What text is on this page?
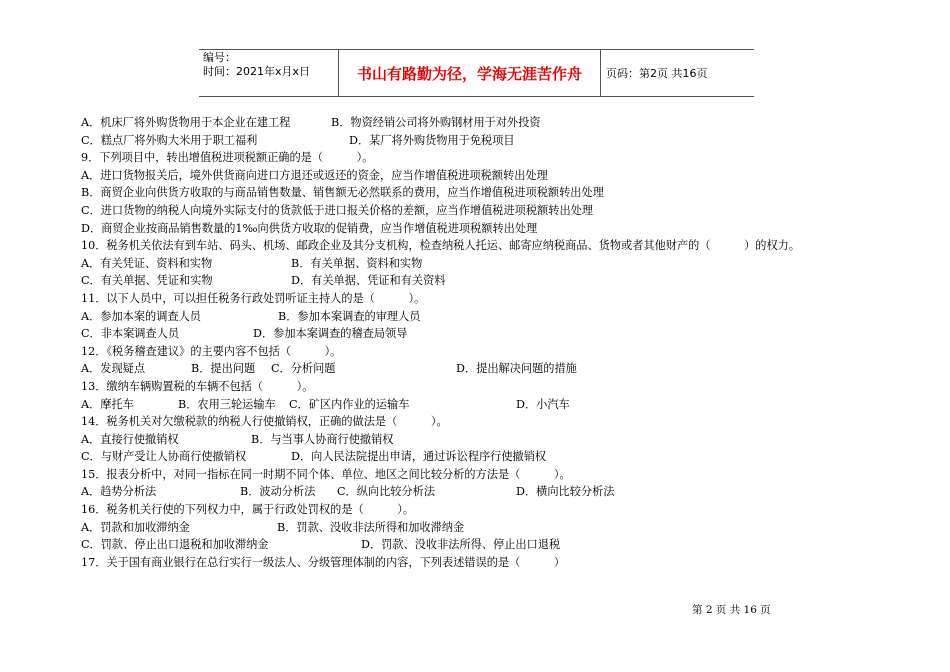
编号：
时间：2021年x月x日	书山有路勤为径，学海无涯苦作舟	页码：第2页 共16页
A．机床厂将外购货物用于本企业在建工程	B．物资经销公司将外购钢材用于对外投资
C．糕点厂将外购大米用于职工福利	D．某厂将外购货物用于免税项目
9．下列项目中，转出增值税进项税额正确的是（　　　）。
A．进口货物报关后，境外供货商向进口方退还或返还的资金，应当作增值税进项税额转出处理
B．商贸企业向供货方收取的与商品销售数量、销售额无必然联系的费用，应当作增值税进项税额转出处理
C．进口货物的纳税人向境外实际支付的货款低于进口报关价格的差额，应当作增值税进项税额转出处理
D．商贸企业按商品销售数量的1‰向供货方收取的促销费，应当作增值税进项税额转出处理
10．税务机关依法有到车站、码头、机场、邮政企业及其分支机构，检查纳税人托运、邮寄应纳税商品、货物或者其他财产的（　　　）的权力。
A．有关凭证、资料和实物	B．有关单据、资料和实物
C．有关单据、凭证和实物	D．有关单据、凭证和有关资料
11．以下人员中，可以担任税务行政处罚听证主持人的是（　　　）。
A．参加本案的调查人员	B．参加本案调查的审理人员
C．非本案调查人员	D．参加本案调查的稽查局领导
12．《税务稽查建议》的主要内容不包括（　　　）。
A．发现疑点	B．提出问题 C．分析问题	D．提出解决问题的措施
13．缴纳车辆购置税的车辆不包括（　　　）。
A．摩托车	B．农用三轮运输车 C．矿区内作业的运输车	D．小汽车
14．税务机关对欠缴税款的纳税人行使撤销权，正确的做法是（　　　）。
A．直接行使撤销权	B．与当事人协商行使撤销权
C．与财产受让人协商行使撤销权	D．向人民法院提出申请，通过诉讼程序行使撤销权
15．报表分析中，对同一指标在同一时期不同个体、单位、地区之间比较分析的方法是（　　　）。
A．趋势分析法	B．波动分析法 C．纵向比较分析法	D．横向比较分析法
16．税务机关行使的下列权力中，属于行政处罚权的是（　　　）。
A．罚款和加收滞纳金	B．罚款、没收非法所得和加收滞纳金
C．罚款、停止出口退税和加收滞纳金	D．罚款、没收非法所得、停止出口退税
17．关于国有商业银行在总行实行一级法人、分级管理体制的内容，下列表述错误的是（　　　）
第 2 页 共 16 页
